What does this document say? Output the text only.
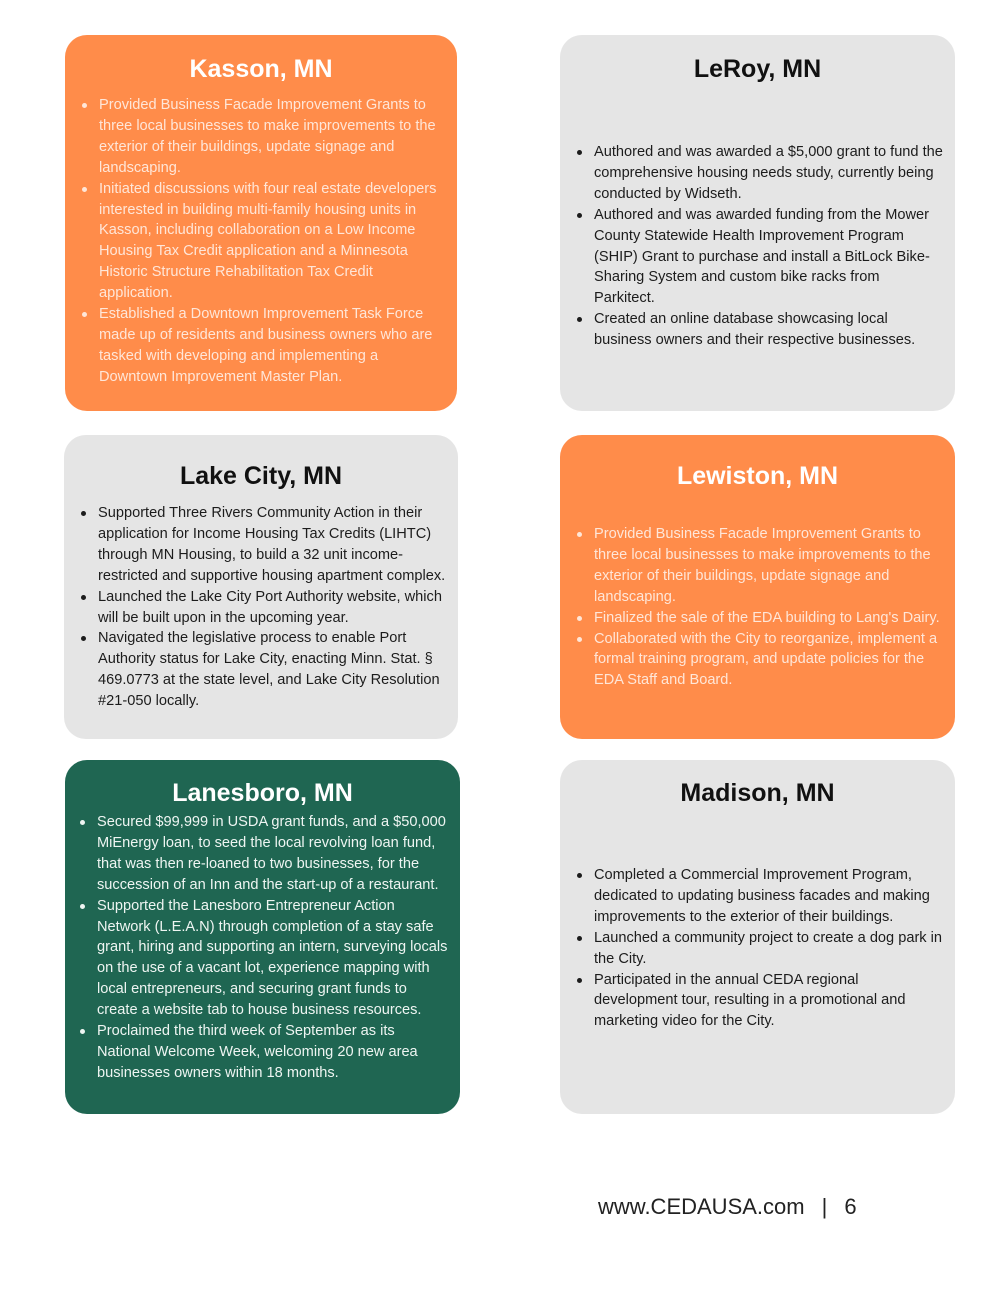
Kasson, MN
Provided Business Facade Improvement Grants to three local businesses to make improvements to the exterior of their buildings, update signage and landscaping.
Initiated discussions with four real estate developers interested in building multi-family housing units in Kasson, including collaboration on a Low Income Housing Tax Credit application and a Minnesota Historic Structure Rehabilitation Tax Credit application.
Established a Downtown Improvement Task Force made up of residents and business owners who are tasked with developing and implementing a Downtown Improvement Master Plan.
LeRoy, MN
Authored and was awarded a $5,000 grant to fund the comprehensive housing needs study, currently being conducted by Widseth.
Authored and was awarded funding from the Mower County Statewide Health Improvement Program (SHIP) Grant to purchase and install a BitLock Bike-Sharing System and custom bike racks from Parkitect.
Created an online database showcasing local business owners and their respective businesses.
Lake City, MN
Supported Three Rivers Community Action in their application for Income Housing Tax Credits (LIHTC) through MN Housing, to build a 32 unit income-restricted and supportive housing apartment complex.
Launched the Lake City Port Authority website, which will be built upon in the upcoming year.
Navigated the legislative process to enable Port Authority status for Lake City, enacting Minn. Stat. § 469.0773 at the state level, and Lake City Resolution #21-050 locally.
Lewiston, MN
Provided Business Facade Improvement Grants to three local businesses to make improvements to the exterior of their buildings, update signage and landscaping.
Finalized the sale of the EDA building to Lang's Dairy.
Collaborated with the City to reorganize, implement a formal training program, and update policies for the EDA Staff and Board.
Lanesboro, MN
Secured $99,999 in USDA grant funds, and a $50,000 MiEnergy loan, to seed the local revolving loan fund, that was then re-loaned to two businesses, for the succession of an Inn and the start-up of a restaurant.
Supported the Lanesboro Entrepreneur Action Network (L.E.A.N) through completion of a stay safe grant, hiring and supporting an intern, surveying locals on the use of a vacant lot, experience mapping with local entrepreneurs, and securing grant funds to create a website tab to house business resources.
Proclaimed the third week of September as its National Welcome Week, welcoming 20 new area businesses owners within 18 months.
Madison, MN
Completed a Commercial Improvement Program, dedicated to updating business facades and making improvements to the exterior of their buildings.
Launched a community project to create a dog park in the City.
Participated in the annual CEDA regional development tour, resulting in a promotional and marketing video for the City.
www.CEDAUSA.com | 6
